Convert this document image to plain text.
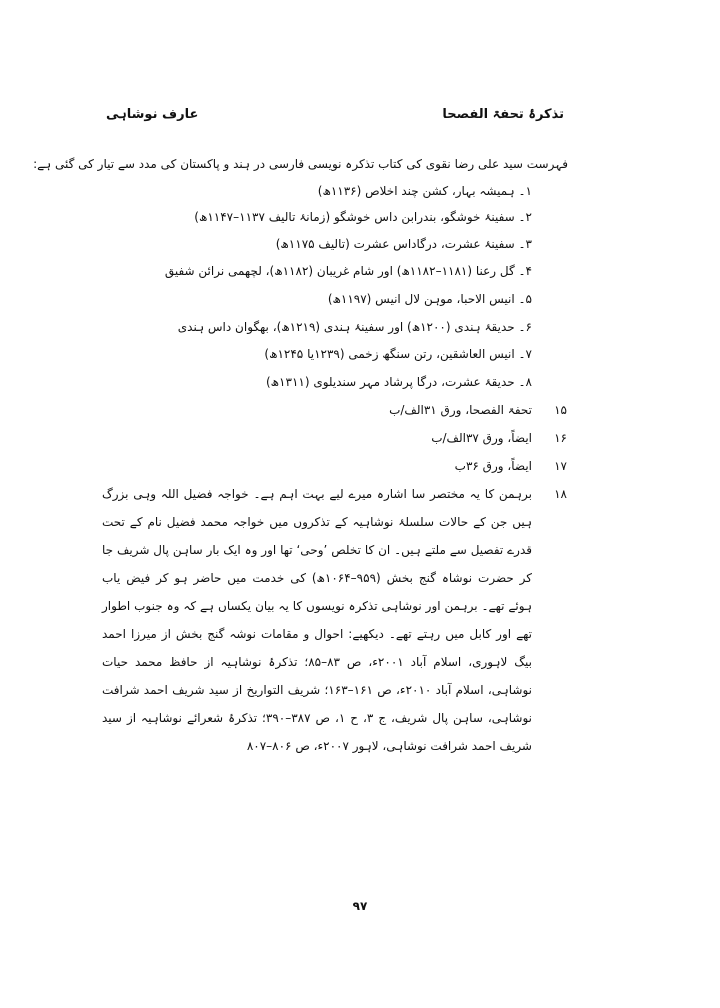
تذکرۂ تحفۃ الفصحا
عارف نوشاہی
فہرست سید علی رضا نقوی کی کتاب تذکرہ نویسی فارسی در ہند و پاکستان کی مدد سے تیار کی گئی ہے:
۱۔ ہمیشہ بہار، کشن چند اخلاص (۱۱۳۶ھ)
۲۔ سفینۂ خوشگو، بندرابن داس خوشگو (زمانۂ تالیف ۱۱۳۷–۱۱۴۷ھ)
۳۔ سفینۂ عشرت، درگاداس عشرت (تالیف ۱۱۷۵ھ)
۴۔ گل رعنا (۱۱۸۱–۱۱۸۲ھ) اور شام غریبان (۱۱۸۲ھ)، لچھمی نرائن شفیق
۵۔ انیس الاحبا، موہن لال انیس (۱۱۹۷ھ)
۶۔ حدیقۂ ہندی (۱۲۰۰ھ) اور سفینۂ ہندی (۱۲۱۹ھ)، بھگوان داس ہندی
۷۔ انیس العاشقین، رتن سنگھ زخمی (۱۲۳۹یا ۱۲۴۵ھ)
۸۔ حدیقۂ عشرت، درگا پرشاد مہر سندیلوی (۱۳۱۱ھ)
۱۵
تحفۃ الفصحا، ورق ۳۱الف/ب
۱۶
ایضاً، ورق ۳۷الف/ب
۱۷
ایضاً، ورق ۳۶ب
۱۸
برہمن کا یہ مختصر سا اشارہ میرے لیے بہت اہم ہے۔ خواجہ فضیل اللہ وہی بزرگ ہیں جن کے حالات سلسلۂ نوشاہیہ کے تذکروں میں خواجہ محمد فضیل نام کے تحت قدرے تفصیل سے ملتے ہیں۔ ان کا تخلص ’وحی‘ تھا اور وہ ایک بار ساہن پال شریف جا کر حضرت نوشاہ گنج بخش (۹۵۹–۱۰۶۴ھ) کی خدمت میں حاضر ہو کر فیض یاب ہوئے تھے۔ برہمن اور نوشاہی تذکرہ نویسوں کا یہ بیان یکساں ہے کہ وہ جنوب اطوار تھے اور کابل میں رہتے تھے۔ دیکھیے: احوال و مقامات نوشہ گنج بخش از میرزا احمد بیگ لاہوری، اسلام آباد ۲۰۰۱ء، ص ۸۳–۸۵؛ تذکرۂ نوشاہیہ از حافظ محمد حیات نوشاہی، اسلام آباد ۲۰۱۰ء، ص ۱۶۱–۱۶۳؛ شریف التواریخ از سید شریف احمد شرافت نوشاہی، ساہن پال شریف، ج ۳، ح ۱، ص ۳۸۷–۳۹۰؛ تذکرۂ شعرائے نوشاہیہ از سید شریف احمد شرافت نوشاہی، لاہور ۲۰۰۷ء، ص ۸۰۶–۸۰۷
۹۷
